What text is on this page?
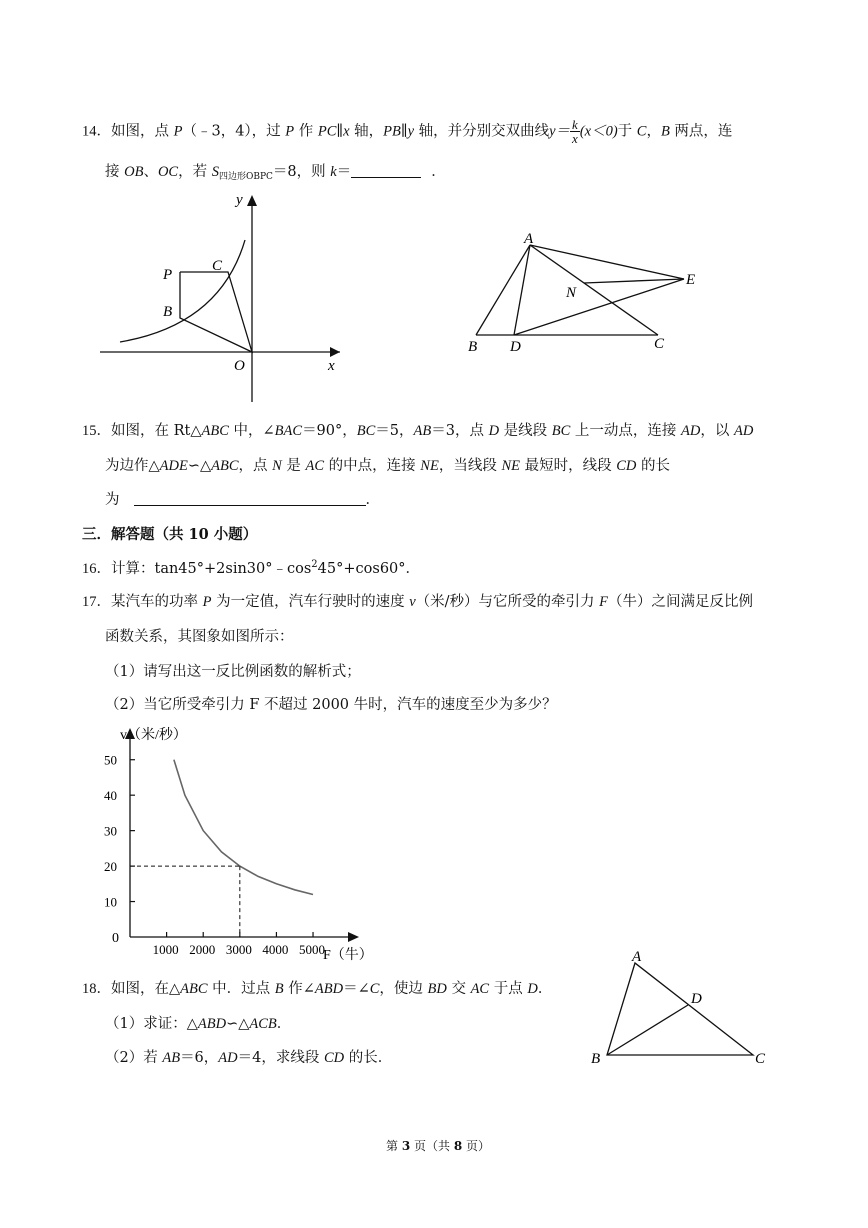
14．如图，点 P（﹣3，4），过 P 作 PC∥x 轴，PB∥y 轴，并分别交双曲线$y= \frac{k}{x} (x<0)$于 C，B 两点，连
接 OB、OC，若 $S_{四边形OBPC}=8$，则 k＝	．
y
x
O
P
C
B
A
E
N
B D	C
15．如图，在 Rt△ABC 中，∠BAC＝90°，BC＝5，AB＝3，点 D 是线段 BC 上一动点，连接 AD，以 AD
为边作△ADE∽△ABC，点 N 是 AC 的中点，连接 NE，当线段 NE 最短时，线段 CD 的长
为	．
三．解答题（共 10 小题）
16．计算：$\tan 45^\circ+2\sin 30^\circ﹣\cos^245^\circ+\cos 60^\circ$．
17．某汽车的功率 P 为一定值，汽车行驶时的速度 v（米/秒）与它所受的牵引力 F（牛）之间满足反比例
函数关系，其图象如图所示：
（1）请写出这一反比例函数的解析式；
（2）当它所受牵引力 F 不超过 2000 牛时，汽车的速度至少为多少？
1000 2000 3000 4000 5000
10
20
30
40
50
v（米/秒）
F（牛）
0
18．如图，在△ABC 中．过点 B 作∠ABD＝∠C，使边 BD 交 AC 于点 D．
（1）求证：△ABD∽△ACB．
（2）若 AB＝6，AD＝4，求线段 CD 的长．
A
D
B	C
第 3 页（共 8 页）
